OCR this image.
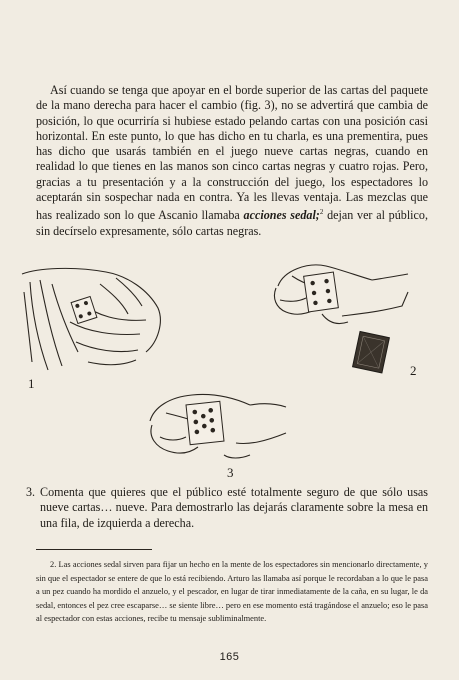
Así cuando se tenga que apoyar en el borde superior de las cartas del paquete de la mano derecha para hacer el cambio (fig. 3), no se advertirá que cambia de posición, lo que ocurriría si hubiese estado pelando cartas con una posición casi horizontal. En este punto, lo que has dicho en tu charla, es una prementira, pues has dicho que usarás también en el juego nueve cartas negras, cuando en realidad lo que tienes en las manos son cinco cartas negras y cuatro rojas. Pero, gracias a tu presentación y a la construcción del juego, los espectadores lo aceptarán sin sospechar nada en contra. Ya les llevas ventaja. Las mezclas que has realizado son lo que Ascanio llamaba acciones sedal;$^2$ dejan ver al público, sin decírselo expresamente, sólo cartas negras.

1
2
3
3. Comenta que quieres que el público esté totalmente seguro de que sólo usas nueve cartas… nueve. Para demostrarlo las dejarás claramente sobre la mesa en una fila, de izquierda a derecha.

2. Las acciones sedal sirven para fijar un hecho en la mente de los espectadores sin mencionarlo directamente, y sin que el espectador se entere de que lo está recibiendo. Arturo las llamaba así porque le recordaban a lo que le pasa a un pez cuando ha mordido el anzuelo, y el pescador, en lugar de tirar inmediatamente de la caña, en su lugar, le da sedal, entonces el pez cree escaparse… se siente libre… pero en ese momento está tragándose el anzuelo; eso le pasa al espectador con estas acciones, recibe tu mensaje subliminalmente.

165
